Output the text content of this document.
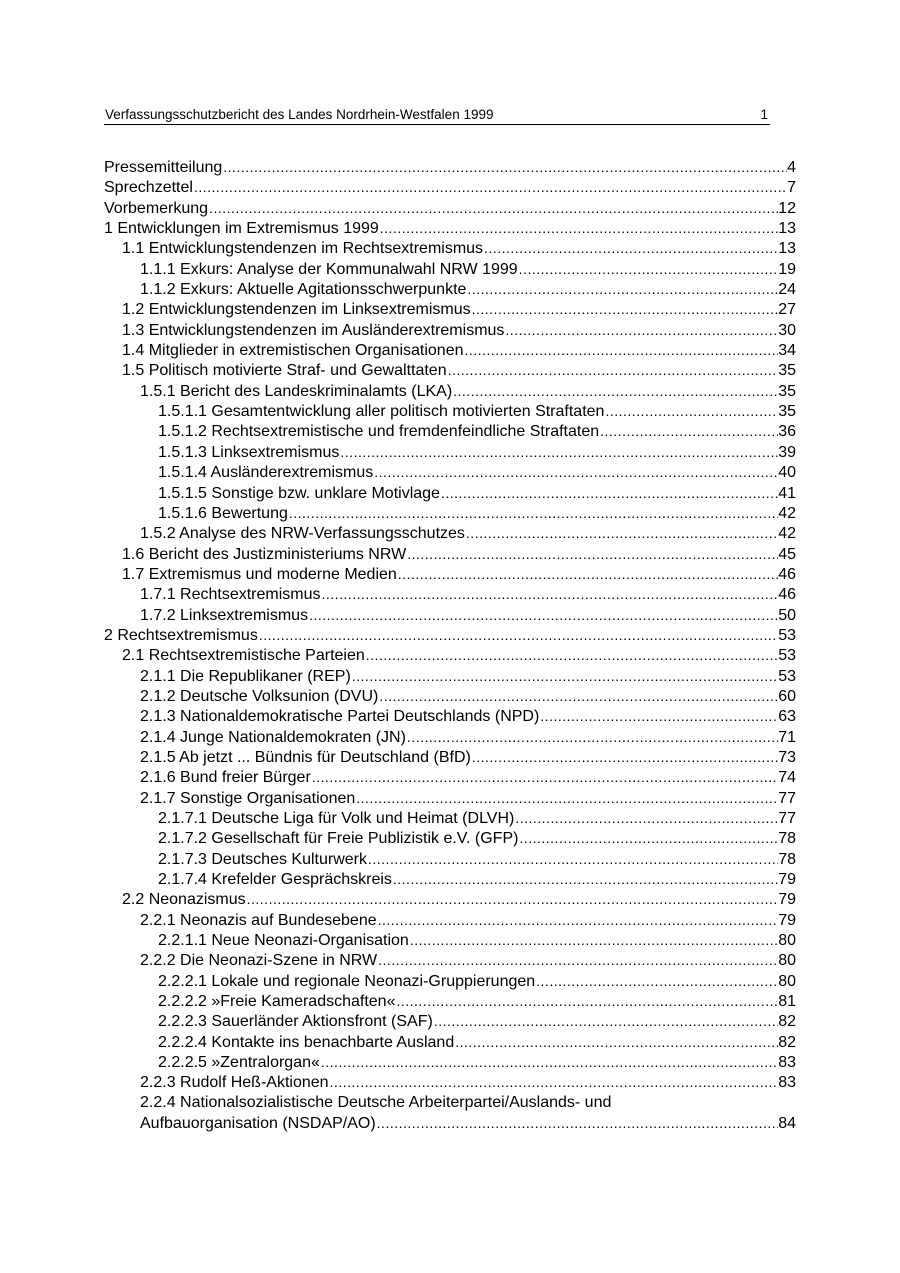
Verfassungsschutzbericht des Landes Nordrhein-Westfalen 1999	1
Pressemitteilung .....	4
Sprechzettel .....	7
Vorbemerkung .....	12
1 Entwicklungen im Extremismus 1999 .....	13
1.1 Entwicklungstendenzen im Rechtsextremismus .....	13
1.1.1 Exkurs: Analyse der Kommunalwahl NRW 1999 .....	19
1.1.2 Exkurs: Aktuelle Agitationsschwerpunkte .....	24
1.2 Entwicklungstendenzen im Linksextremismus .....	27
1.3 Entwicklungstendenzen im Ausländerextremismus .....	30
1.4 Mitglieder in extremistischen Organisationen .....	34
1.5 Politisch motivierte Straf- und Gewalttaten .....	35
1.5.1 Bericht des Landeskriminalamts (LKA) .....	35
1.5.1.1 Gesamtentwicklung aller politisch motivierten Straftaten .....	35
1.5.1.2 Rechtsextremistische und fremdenfeindliche Straftaten .....	36
1.5.1.3 Linksextremismus .....	39
1.5.1.4 Ausländerextremismus .....	40
1.5.1.5 Sonstige bzw. unklare Motivlage .....	41
1.5.1.6 Bewertung .....	42
1.5.2 Analyse des NRW-Verfassungsschutzes .....	42
1.6 Bericht des Justizministeriums NRW .....	45
1.7 Extremismus und moderne Medien .....	46
1.7.1 Rechtsextremismus .....	46
1.7.2 Linksextremismus .....	50
2 Rechtsextremismus .....	53
2.1 Rechtsextremistische Parteien .....	53
2.1.1 Die Republikaner (REP) .....	53
2.1.2 Deutsche Volksunion (DVU) .....	60
2.1.3 Nationaldemokratische Partei Deutschlands (NPD) .....	63
2.1.4 Junge Nationaldemokraten (JN) .....	71
2.1.5 Ab jetzt ... Bündnis für Deutschland (BfD) .....	73
2.1.6 Bund freier Bürger .....	74
2.1.7 Sonstige Organisationen .....	77
2.1.7.1 Deutsche Liga für Volk und Heimat (DLVH) .....	77
2.1.7.2 Gesellschaft für Freie Publizistik e.V. (GFP) .....	78
2.1.7.3 Deutsches Kulturwerk .....	78
2.1.7.4 Krefelder Gesprächskreis .....	79
2.2 Neonazismus .....	79
2.2.1 Neonazis auf Bundesebene .....	79
2.2.1.1 Neue Neonazi-Organisation .....	80
2.2.2 Die Neonazi-Szene in NRW .....	80
2.2.2.1 Lokale und regionale Neonazi-Gruppierungen .....	80
2.2.2.2 »Freie Kameradschaften« .....	81
2.2.2.3 Sauerländer Aktionsfront (SAF) .....	82
2.2.2.4 Kontakte ins benachbarte Ausland .....	82
2.2.2.5 »Zentralorgan« .....	83
2.2.3 Rudolf Heß-Aktionen .....	83
2.2.4 Nationalsozialistische Deutsche Arbeiterpartei/Auslands- und
Aufbauorganisation (NSDAP/AO) .....	84
